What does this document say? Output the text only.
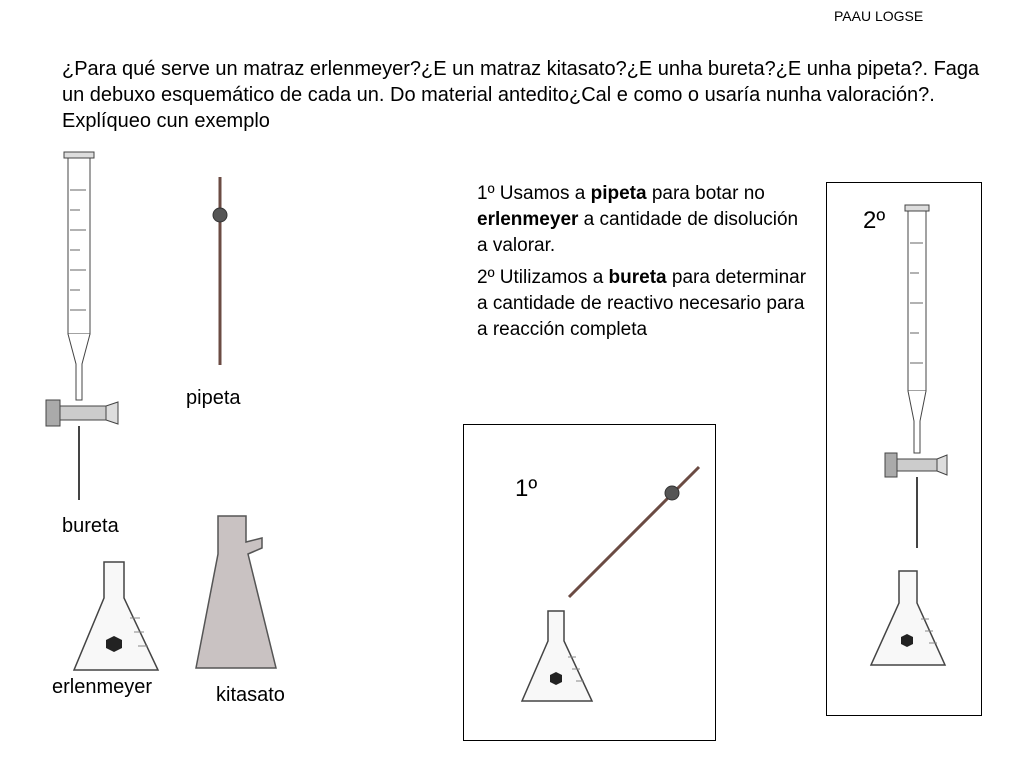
PAAU LOGSE
¿Para qué serve un matraz erlenmeyer?¿E un matraz kitasato?¿E unha bureta?¿E unha pipeta?. Faga un debuxo esquemático de cada un. Do material antedito¿Cal e como o usaría nunha valoración?. Explíqueo cun exemplo
bureta
pipeta
erlenmeyer	kitasato

1º Usamos a pipeta para botar no erlenmeyer a cantidade de disolución a valorar.

2º Utilizamos a bureta para determinar a cantidade de reactivo necesario para a reacción completa

1º
2º
